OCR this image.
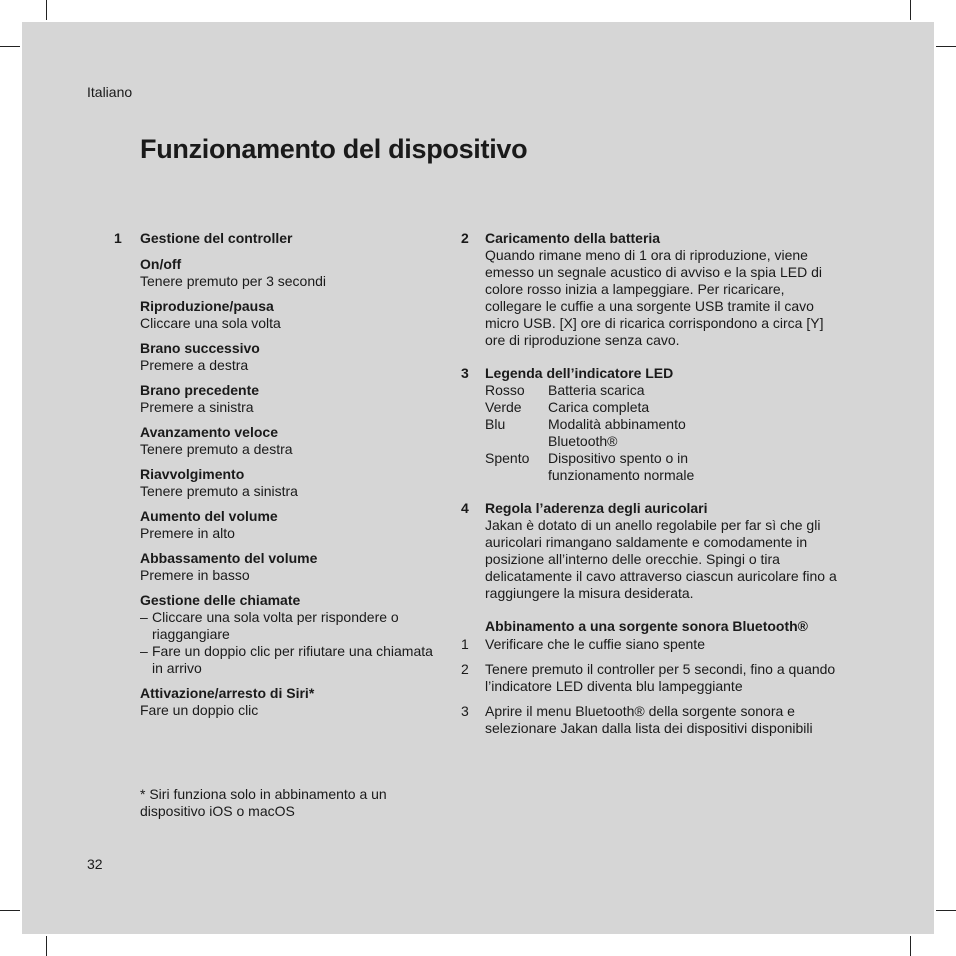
Italiano
Funzionamento del dispositivo
1 Gestione del controller
On/off
Tenere premuto per 3 secondi
Riproduzione/pausa
Cliccare una sola volta
Brano successivo
Premere a destra
Brano precedente
Premere a sinistra
Avanzamento veloce
Tenere premuto a destra
Riavvolgimento
Tenere premuto a sinistra
Aumento del volume
Premere in alto
Abbassamento del volume
Premere in basso
Gestione delle chiamate
– Cliccare una sola volta per rispondere o riaggangiare
– Fare un doppio clic per rifiutare una chiamata in arrivo
Attivazione/arresto di Siri*
Fare un doppio clic
* Siri funziona solo in abbinamento a un dispositivo iOS o macOS
32
2 Caricamento della batteria
Quando rimane meno di 1 ora di riproduzione, viene emesso un segnale acustico di avviso e la spia LED di colore rosso inizia a lampeggiare. Per ricaricare, collegare le cuffie a una sorgente USB tramite il cavo micro USB. [X] ore di ricarica corrispondono a circa [Y] ore di riproduzione senza cavo.
3 Legenda dell’indicatore LED
Rosso	Batteria scarica
Verde	Carica completa
Blu	Modalità abbinamento Bluetooth®
Spento	Dispositivo spento o in funzionamento normale
4 Regola l’aderenza degli auricolari
Jakan è dotato di un anello regolabile per far sì che gli auricolari rimangano saldamente e comodamente in posizione all’interno delle orecchie. Spingi o tira delicatamente il cavo attraverso ciascun auricolare fino a raggiungere la misura desiderata.
Abbinamento a una sorgente sonora Bluetooth®
1 Verificare che le cuffie siano spente
2 Tenere premuto il controller per 5 secondi, fino a quando l’indicatore LED diventa blu lampeggiante
3 Aprire il menu Bluetooth® della sorgente sonora e selezionare Jakan dalla lista dei dispositivi disponibili
